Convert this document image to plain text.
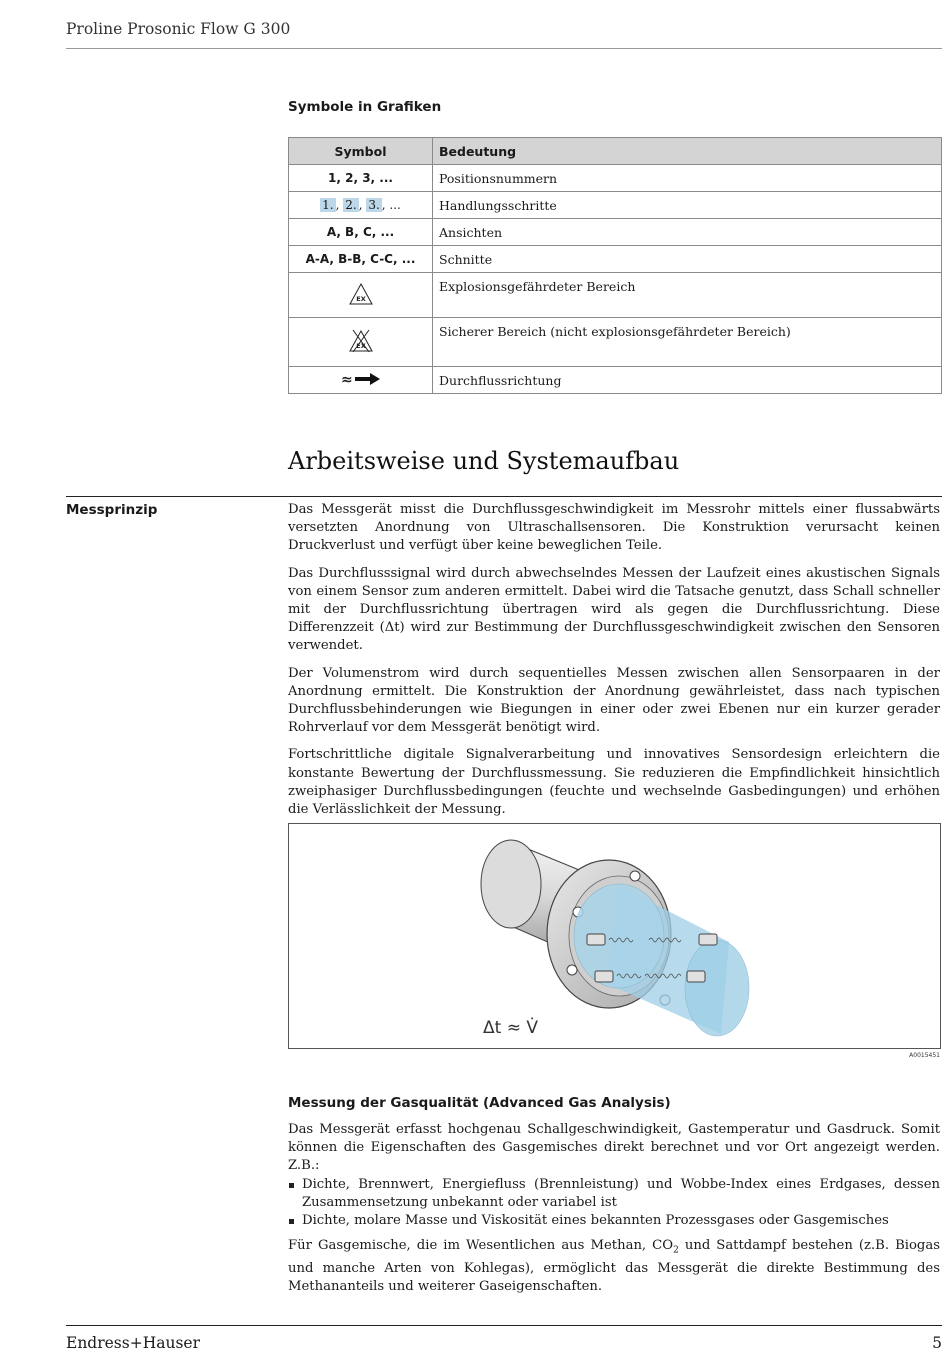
Proline Prosonic Flow G 300
Symbole in Grafiken
Symbol	Bedeutung
1, 2, 3, ...	Positionsnummern
1. , 2. , 3. , ...	Handlungsschritte
A, B, C, ...	Ansichten
A-A, B-B, C-C, ...	Schnitte

EX	Explosionsgefährdeter Bereich

EX	Sicherer Bereich (nicht explosionsgefährdeter Bereich)

≈	Durchflussrichtung
Arbeitsweise und Systemaufbau
Messprinzip	Das Messgerät misst die Durchflussgeschwindigkeit im Messrohr mittels einer flussabwärts versetzten Anordnung von Ultraschallsensoren. Die Konstruktion verursacht keinen Druckverlust und verfügt über keine beweglichen Teile.

Das Durchflusssignal wird durch abwechselndes Messen der Laufzeit eines akustischen Signals von einem Sensor zum anderen ermittelt. Dabei wird die Tatsache genutzt, dass Schall schneller mit der Durchflussrichtung übertragen wird als gegen die Durchflussrichtung. Diese Differenzzeit (Δt) wird zur Bestimmung der Durchflussgeschwindigkeit zwischen den Sensoren verwendet.

Der Volumenstrom wird durch sequentielles Messen zwischen allen Sensorpaaren in der Anordnung ermittelt. Die Konstruktion der Anordnung gewährleistet, dass nach typischen Durchflussbehinderungen wie Biegungen in einer oder zwei Ebenen nur ein kurzer gerader Rohrverlauf vor dem Messgerät benötigt wird.

Fortschrittliche digitale Signalverarbeitung und innovatives Sensordesign erleichtern die konstante Bewertung der Durchflussmessung. Sie reduzieren die Empfindlichkeit hinsichtlich zweiphasiger Durchflussbedingungen (feuchte und wechselnde Gasbedingungen) und erhöhen die Verlässlichkeit der Messung.

Δt ≈ V̇
A0015451
Messung der Gasqualität (Advanced Gas Analysis)

Das Messgerät erfasst hochgenau Schallgeschwindigkeit, Gastemperatur und Gasdruck. Somit können die Eigenschaften des Gasgemisches direkt berechnet und vor Ort angezeigt werden. Z.B.:

Dichte, Brennwert, Energiefluss (Brennleistung) und Wobbe-Index eines Erdgases, dessen Zusammensetzung unbekannt oder variabel ist
Dichte, molare Masse und Viskosität eines bekannten Prozessgases oder Gasgemisches

Für Gasgemische, die im Wesentlichen aus Methan, $CO_2$ und Sattdampf bestehen (z.B. Biogas und manche Arten von Kohlegas), ermöglicht das Messgerät die direkte Bestimmung des Methananteils und weiterer Gaseigenschaften.

Endress+Hauser	5
